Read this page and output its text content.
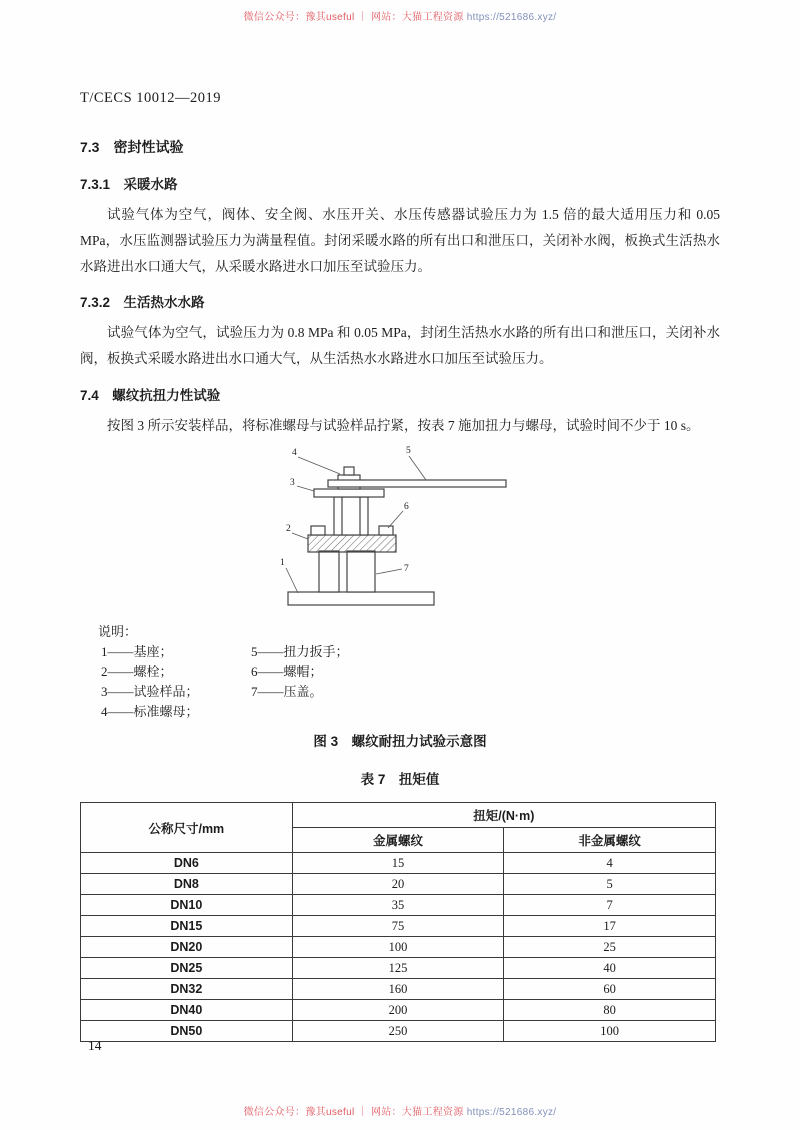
微信公众号：豫其useful ｜ 网站：大猫工程资源 https://521686.xyz/
T/CECS 10012—2019
7.3　密封性试验
7.3.1　采暖水路

试验气体为空气，阀体、安全阀、水压开关、水压传感器试验压力为 1.5 倍的最大适用压力和 0.05 MPa，水压监测器试验压力为满量程值。封闭采暖水路的所有出口和泄压口，关闭补水阀，板换式生活热水水路进出水口通大气，从采暖水路进水口加压至试验压力。

7.3.2　生活热水水路

试验气体为空气，试验压力为 0.8 MPa 和 0.05 MPa，封闭生活热水水路的所有出口和泄压口，关闭补水阀，板换式采暖水路进出水口通大气，从生活热水水路进水口加压至试验压力。

7.4　螺纹抗扭力性试验

按图 3 所示安装样品，将标准螺母与试验样品拧紧，按表 7 施加扭力与螺母，试验时间不少于 10 s。

4	5
3
6
2
1
7
说明：
1——基座；
2——螺栓；
3——试验样品；
4——标准螺母；
5——扭力扳手；
6——螺帽；
7——压盖。
图 3　螺纹耐扭力试验示意图
表 7　扭矩值
公称尺寸/mm	扭矩/(N·m)	
	金属螺纹	非金属螺纹
DN6	15	4
DN8	20	5
DN10	35	7
DN15	75	17
DN20	100	25
DN25	125	40
DN32	160	60
DN40	200	80
DN50	250	100
14
微信公众号：豫其useful ｜ 网站：大猫工程资源 https://521686.xyz/
